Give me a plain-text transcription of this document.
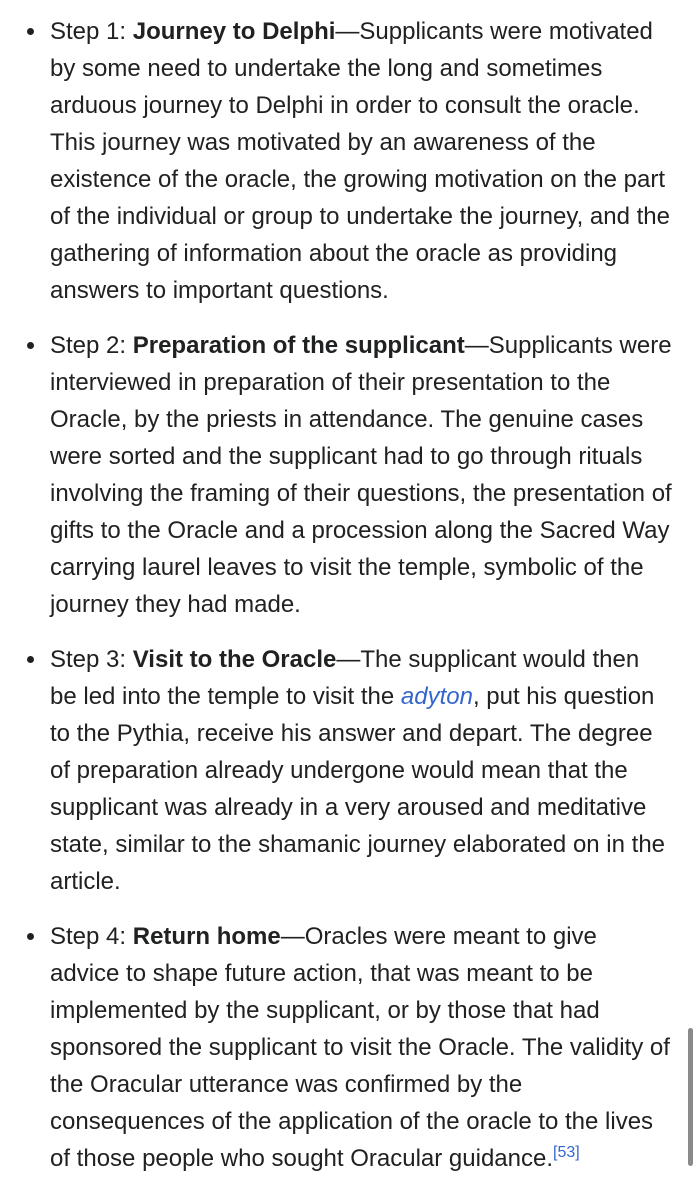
Step 1: Journey to Delphi—Supplicants were motivated by some need to undertake the long and sometimes arduous journey to Delphi in order to consult the oracle. This journey was motivated by an awareness of the existence of the oracle, the growing motivation on the part of the individual or group to undertake the journey, and the gathering of information about the oracle as providing answers to important questions.
Step 2: Preparation of the supplicant—Supplicants were interviewed in preparation of their presentation to the Oracle, by the priests in attendance. The genuine cases were sorted and the supplicant had to go through rituals involving the framing of their questions, the presentation of gifts to the Oracle and a procession along the Sacred Way carrying laurel leaves to visit the temple, symbolic of the journey they had made.
Step 3: Visit to the Oracle—The supplicant would then be led into the temple to visit the adyton, put his question to the Pythia, receive his answer and depart. The degree of preparation already undergone would mean that the supplicant was already in a very aroused and meditative state, similar to the shamanic journey elaborated on in the article.
Step 4: Return home—Oracles were meant to give advice to shape future action, that was meant to be implemented by the supplicant, or by those that had sponsored the supplicant to visit the Oracle. The validity of the Oracular utterance was confirmed by the consequences of the application of the oracle to the lives of those people who sought Oracular guidance.[53]
